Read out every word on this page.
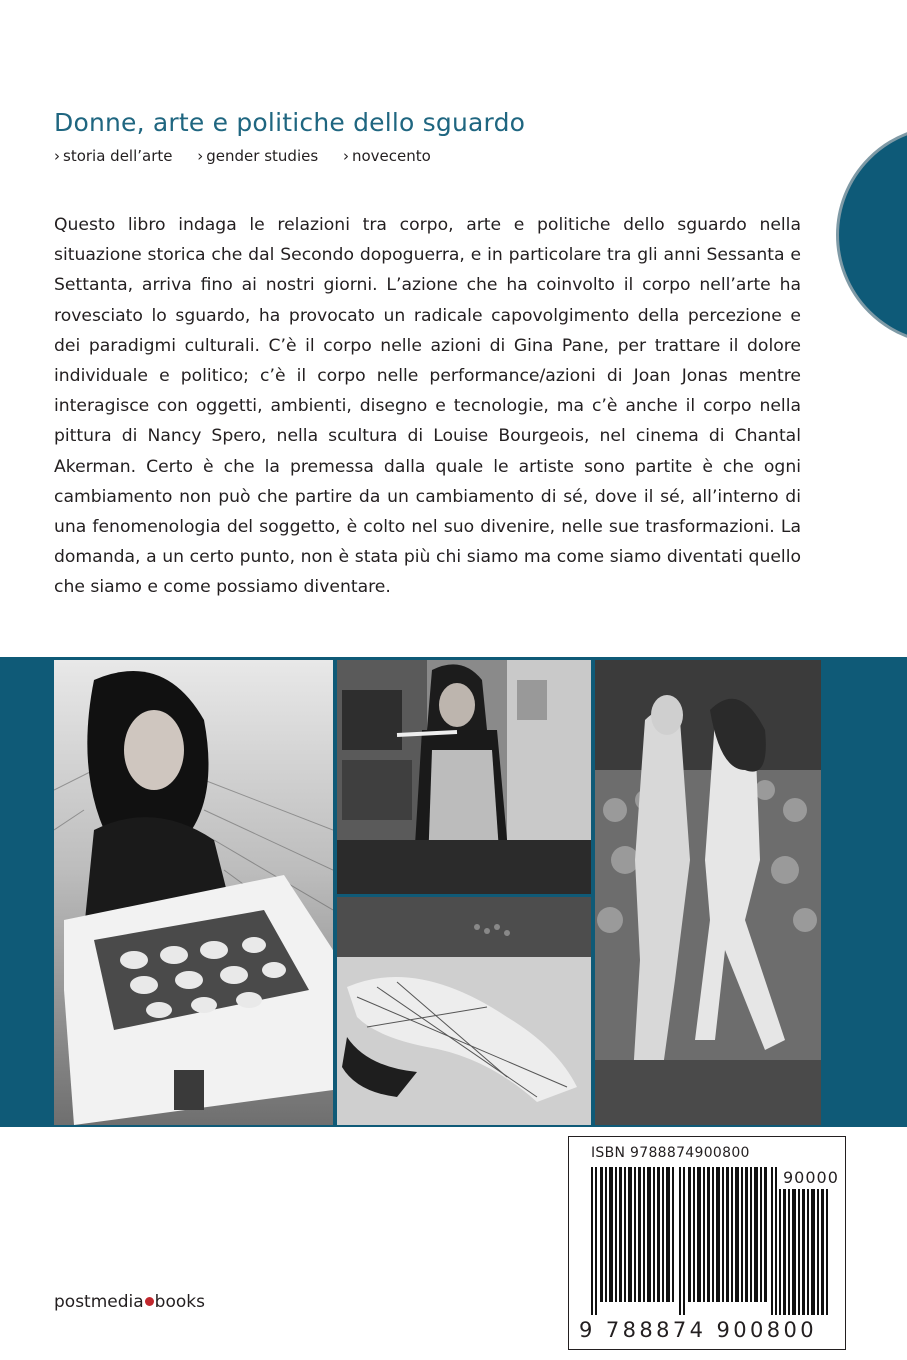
Donne, arte e politiche dello sguardo
› storia dell’arte › gender studies › novecento
Questo libro indaga le relazioni tra corpo, arte e politiche dello sguardo nella situazione storica che dal Secondo dopoguerra, e in particolare tra gli anni Sessanta e Settanta, arriva fino ai nostri giorni. L’azione che ha coinvolto il corpo nell’arte ha rovesciato lo sguardo, ha provocato un radicale capovolgimento della percezione e dei paradigmi culturali. C’è il corpo nelle azioni di Gina Pane, per trattare il dolore individuale e politico; c’è il corpo nelle performance/azioni di Joan Jonas mentre interagisce con oggetti, ambienti, disegno e tecnologie, ma c’è anche il corpo nella pittura di Nancy Spero, nella scultura di Louise Bourgeois, nel cinema di Chantal Akerman. Certo è che la premessa dalla quale le artiste sono partite è che ogni cambiamento non può che partire da un cambiamento di sé, dove il sé, all’interno di una fenomenologia del soggetto, è colto nel suo divenire, nelle sue trasformazioni. La domanda, a un certo punto, non è stata più chi siamo ma come siamo diventati quello che siamo e come possiamo diventare.
postmedia books
ISBN 9788874900800
90000
9 788874 900800
